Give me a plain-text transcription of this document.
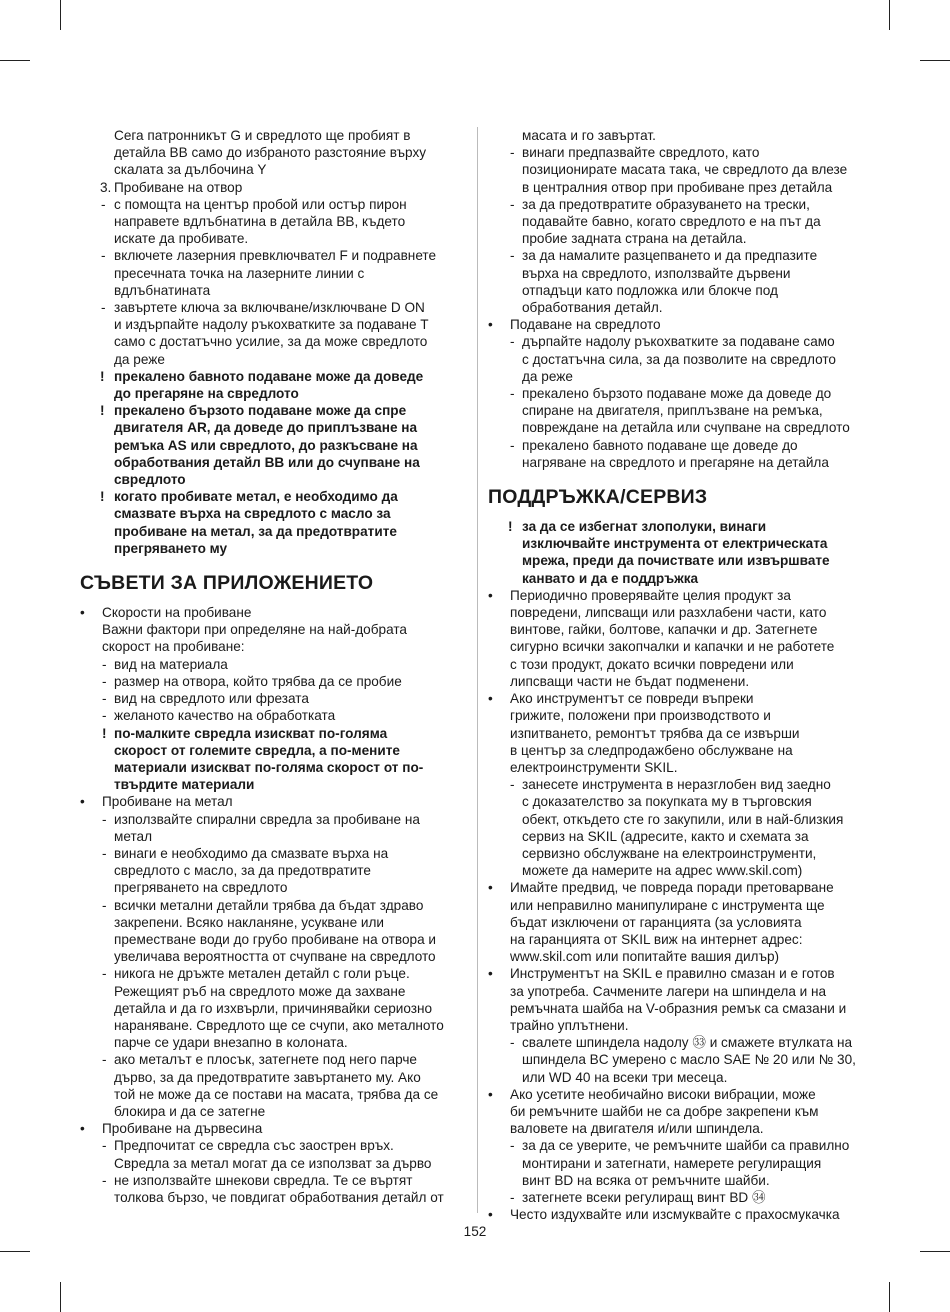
Сега патронникът G и свредлото ще пробият в
детайла BB само до избраното разстояние върху
скалата за дълбочина Y
3. Пробиване на отвор
- с помощта на център пробой или остър пирон
направете вдлъбнатина в детайла BB, където
искате да пробивате.
- включете лазерния превключвател F и подравнете
пресечната точка на лазерните линии с
вдлъбнатината
- завъртете ключа за включване/изключване D ON
и издърпайте надолу ръкохватките за подаване T
само с достатъчно усилие, за да може свредлото
да реже
! прекалено бавното подаване може да доведе
до прегаряне на свредлото
! прекалено бързото подаване може да спре
двигателя AR, да доведе до приплъзване на
ремъка AS или свредлото, до разкъсване на
обработвания детайл BB или до счупване на
свредлото
! когато пробивате метал, е необходимо да
смазвате върха на свредлото с масло за
пробиване на метал, за да предотвратите
прегряването му
СЪВЕТИ ЗА ПРИЛОЖЕНИЕТО
• Скорости на пробиване
Важни фактори при определяне на най-добрата
скорост на пробиване:
- вид на материала
- размер на отвора, който трябва да се пробие
- вид на свредлото или фрезата
- желаното качество на обработката
! по-малките свредла изискват по-голяма
скорост от големите свредла, а по-мените
материали изискват по-голяма скорост от по-
твърдите материали
• Пробиване на метал
- използвайте спирални свредла за пробиване на
метал
- винаги е необходимо да смазвате върха на
свредлото с масло, за да предотвратите
прегряването на свредлото
- всички метални детайли трябва да бъдат здраво
закрепени. Всяко накланяне, усукване или
преместване води до грубо пробиване на отвора и
увеличава вероятността от счупване на свредлото
- никога не дръжте метален детайл с голи ръце.
Режещият ръб на свредлото може да захване
детайла и да го изхвърли, причинявайки сериозно
нараняване. Свредлото ще се счупи, ако металното
парче се удари внезапно в колоната.
- ако металът е плосък, затегнете под него парче
дърво, за да предотвратите завъртането му. Ако
той не може да се постави на масата, трябва да се
блокира и да се затегне
• Пробиване на дървесина
- Предпочитат се свредла със заострен връх.
Свредла за метал могат да се използват за дърво
- не използвайте шнекови свредла. Те се въртят
толкова бързо, че повдигат обработвания детайл от
масата и го завъртат.
- винаги предпазвайте свредлото, като
позиционирате масата така, че свредлото да влезе
в централния отвор при пробиване през детайла
- за да предотвратите образуването на трески,
подавайте бавно, когато свредлото е на път да
пробие задната страна на детайла.
- за да намалите разцепването и да предпазите
върха на свредлото, използвайте дървени
отпадъци като подложка или блокче под
обработвания детайл.
• Подаване на свредлото
- дърпайте надолу ръкохватките за подаване само
с достатъчна сила, за да позволите на свредлото
да реже
- прекалено бързото подаване може да доведе до
спиране на двигателя, приплъзване на ремъка,
повреждане на детайла или счупване на свредлото
- прекалено бавното подаване ще доведе до
нагряване на свредлото и прегаряне на детайла
ПОДДРЪЖКА/СЕРВИЗ
! за да се избегнат злополуки, винаги
изключвайте инструмента от електрическата
мрежа, преди да почиствате или извършвате
канвато и да е поддръжка
• Периодично проверявайте целия продукт за
повредени, липсващи или разхлабени части, като
винтове, гайки, болтове, капачки и др. Затегнете
сигурно всички закопчалки и капачки и не работете
с този продукт, докато всички повредени или
липсващи части не бъдат подменени.
• Ако инструментът се повреди въпреки
грижите, положени при производството и
изпитването, ремонтът трябва да се извърши
в център за следпродажбено обслужване на
електроинструменти SKIL.
- занесете инструмента в неразглобен вид заедно
с доказателство за покупката му в търговския
обект, откъдето сте го закупили, или в най-близкия
сервиз на SKIL (адресите, както и схемата за
сервизно обслужване на електроинструменти,
можете да намерите на адрес www.skil.com)
• Имайте предвид, че повреда поради претоварване
или неправилно манипулиране с инструмента ще
бъдат изключени от гаранцията (за условията
на гаранцията от SKIL виж на интернет адрес:
www.skil.com или попитайте вашия дилър)
• Инструментът на SKIL е правилно смазан и е готов
за употреба. Сачмените лагери на шпиндела и на
ремъчната шайба на V-образния ремък са смазани и
трайно уплътнени.
- свалете шпиндела надолу ㉝ и смажете втулката на
шпиндела BC умерено с масло SAE № 20 или № 30,
или WD 40 на всеки три месеца.
• Ако усетите необичайно високи вибрации, може
би ремъчните шайби не са добре закрепени към
валовете на двигателя и/или шпиндела.
- за да се уверите, че ремъчните шайби са правилно
монтирани и затегнати, намерете регулиращия
винт BD на всяка от ремъчните шайби.
- затегнете всеки регулиращ винт BD ㉞
• Често издухвайте или изсмуквайте с прахосмукачка
152
